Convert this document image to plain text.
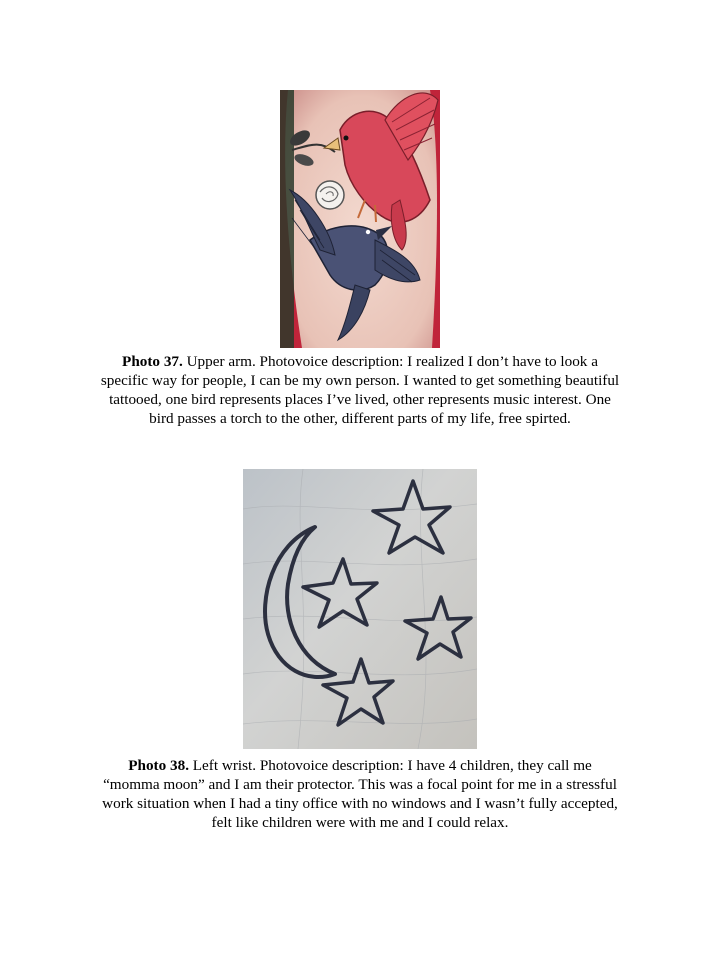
Photo 37. Upper arm. Photovoice description: I realized I don’t have to look a specific way for people, I can be my own person. I wanted to get something beautiful tattooed, one bird represents places I’ve lived, other represents music interest. One bird passes a torch to the other, different parts of my life, free spirted.
Photo 38. Left wrist. Photovoice description: I have 4 children, they call me “momma moon” and I am their protector. This was a focal point for me in a stressful work situation when I had a tiny office with no windows and I wasn’t fully accepted, felt like children were with me and I could relax.
